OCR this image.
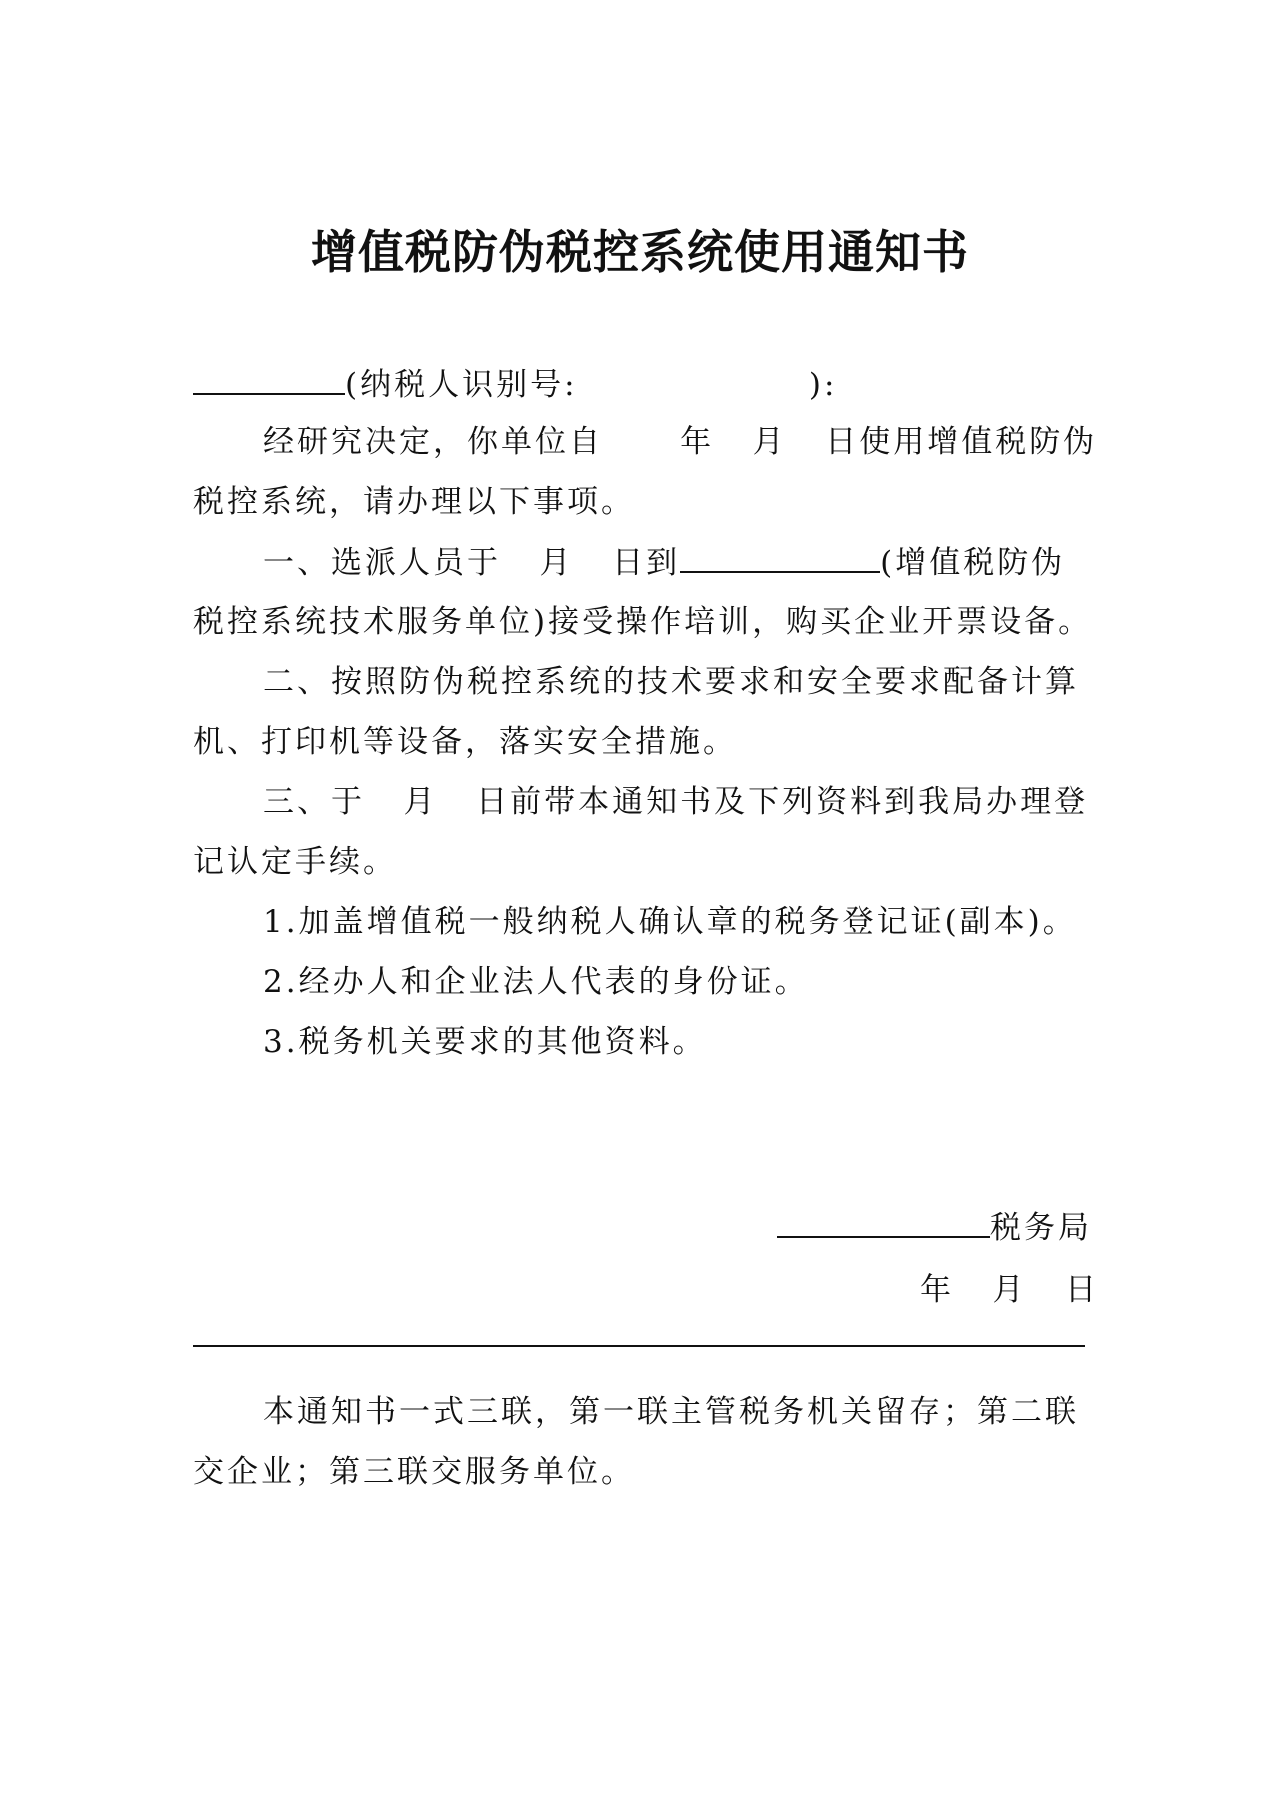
增值税防伪税控系统使用通知书
(纳税人识别号:                  ):
经研究决定，你单位自      年   月   日使用增值税防伪
税控系统，请办理以下事项。
一、选派人员于   月   日到	(增值税防伪
税控系统技术服务单位)接受操作培训，购买企业开票设备。
二、按照防伪税控系统的技术要求和安全要求配备计算
机、打印机等设备，落实安全措施。
三、于   月   日前带本通知书及下列资料到我局办理登
记认定手续。
1.加盖增值税一般纳税人确认章的税务登记证(副本)。
2.经办人和企业法人代表的身份证。
3.税务机关要求的其他资料。
税务局
年   月   日
本通知书一式三联，第一联主管税务机关留存；第二联
交企业；第三联交服务单位。
